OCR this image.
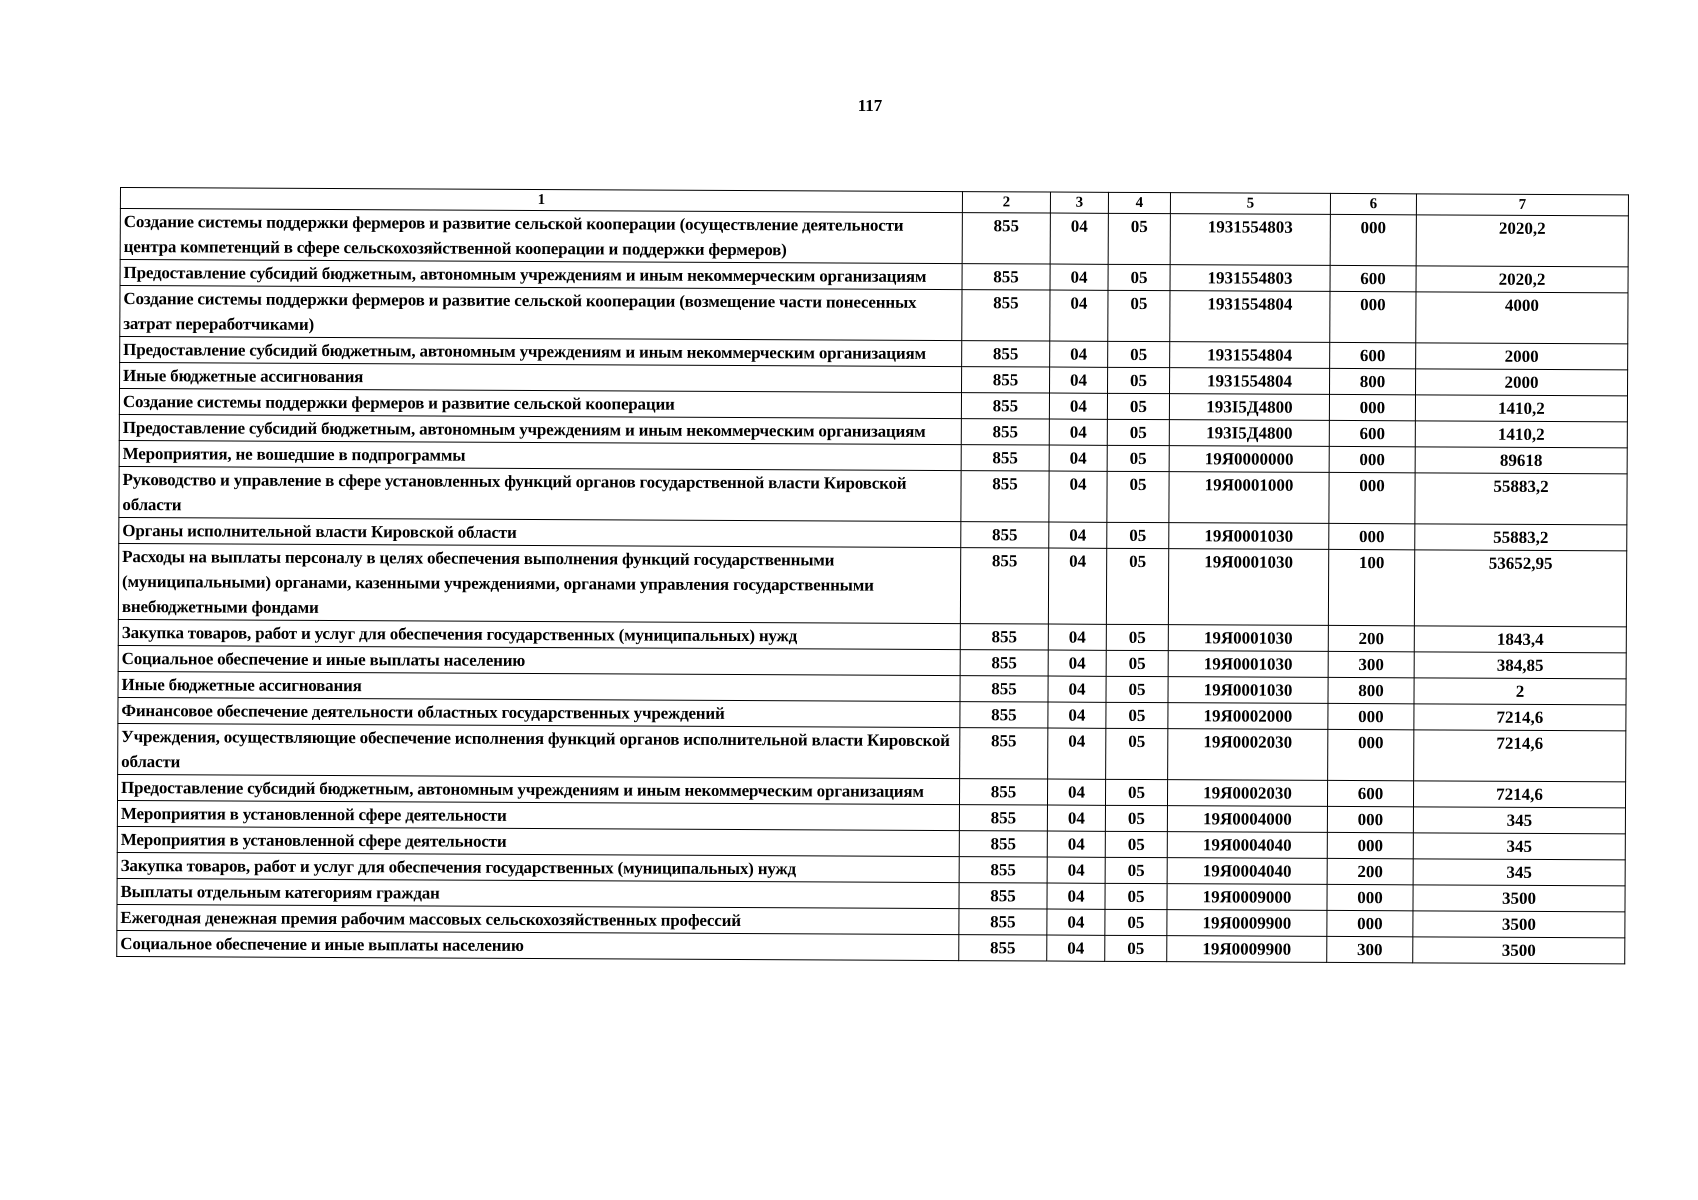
117
1	2	3	4	5	6	7
Создание системы поддержки фермеров и развитие сельской кооперации (осуществление деятельности центра компетенций в сфере сельскохозяйственной кооперации и поддержки фермеров)	855	04	05	1931554803	000	2020,2
Предоставление субсидий бюджетным, автономным учреждениям и иным некоммерческим организациям	855	04	05	1931554803	600	2020,2
Создание системы поддержки фермеров и развитие сельской кооперации (возмещение части понесенных затрат переработчиками)	855	04	05	1931554804	000	4000
Предоставление субсидий бюджетным, автономным учреждениям и иным некоммерческим организациям	855	04	05	1931554804	600	2000
Иные бюджетные ассигнования	855	04	05	1931554804	800	2000
Создание системы поддержки фермеров и развитие сельской кооперации	855	04	05	193I5Д4800	000	1410,2
Предоставление субсидий бюджетным, автономным учреждениям и иным некоммерческим организациям	855	04	05	193I5Д4800	600	1410,2
Мероприятия, не вошедшие в подпрограммы	855	04	05	19Я0000000	000	89618
Руководство и управление в сфере установленных функций органов государственной власти Кировской области	855	04	05	19Я0001000	000	55883,2
Органы исполнительной власти Кировской области	855	04	05	19Я0001030	000	55883,2
Расходы на выплаты персоналу в целях обеспечения выполнения функций государственными (муниципальными) органами, казенными учреждениями, органами управления государственными внебюджетными фондами	855	04	05	19Я0001030	100	53652,95
Закупка товаров, работ и услуг для обеспечения государственных (муниципальных) нужд	855	04	05	19Я0001030	200	1843,4
Социальное обеспечение и иные выплаты населению	855	04	05	19Я0001030	300	384,85
Иные бюджетные ассигнования	855	04	05	19Я0001030	800	2
Финансовое обеспечение деятельности областных государственных учреждений	855	04	05	19Я0002000	000	7214,6
Учреждения, осуществляющие обеспечение исполнения функций органов исполнительной власти Кировской области	855	04	05	19Я0002030	000	7214,6
Предоставление субсидий бюджетным, автономным учреждениям и иным некоммерческим организациям	855	04	05	19Я0002030	600	7214,6
Мероприятия в установленной сфере деятельности	855	04	05	19Я0004000	000	345
Мероприятия в установленной сфере деятельности	855	04	05	19Я0004040	000	345
Закупка товаров, работ и услуг для обеспечения государственных (муниципальных) нужд	855	04	05	19Я0004040	200	345
Выплаты отдельным категориям граждан	855	04	05	19Я0009000	000	3500
Ежегодная денежная премия рабочим массовых сельскохозяйственных профессий	855	04	05	19Я0009900	000	3500
Социальное обеспечение и иные выплаты населению	855	04	05	19Я0009900	300	3500
